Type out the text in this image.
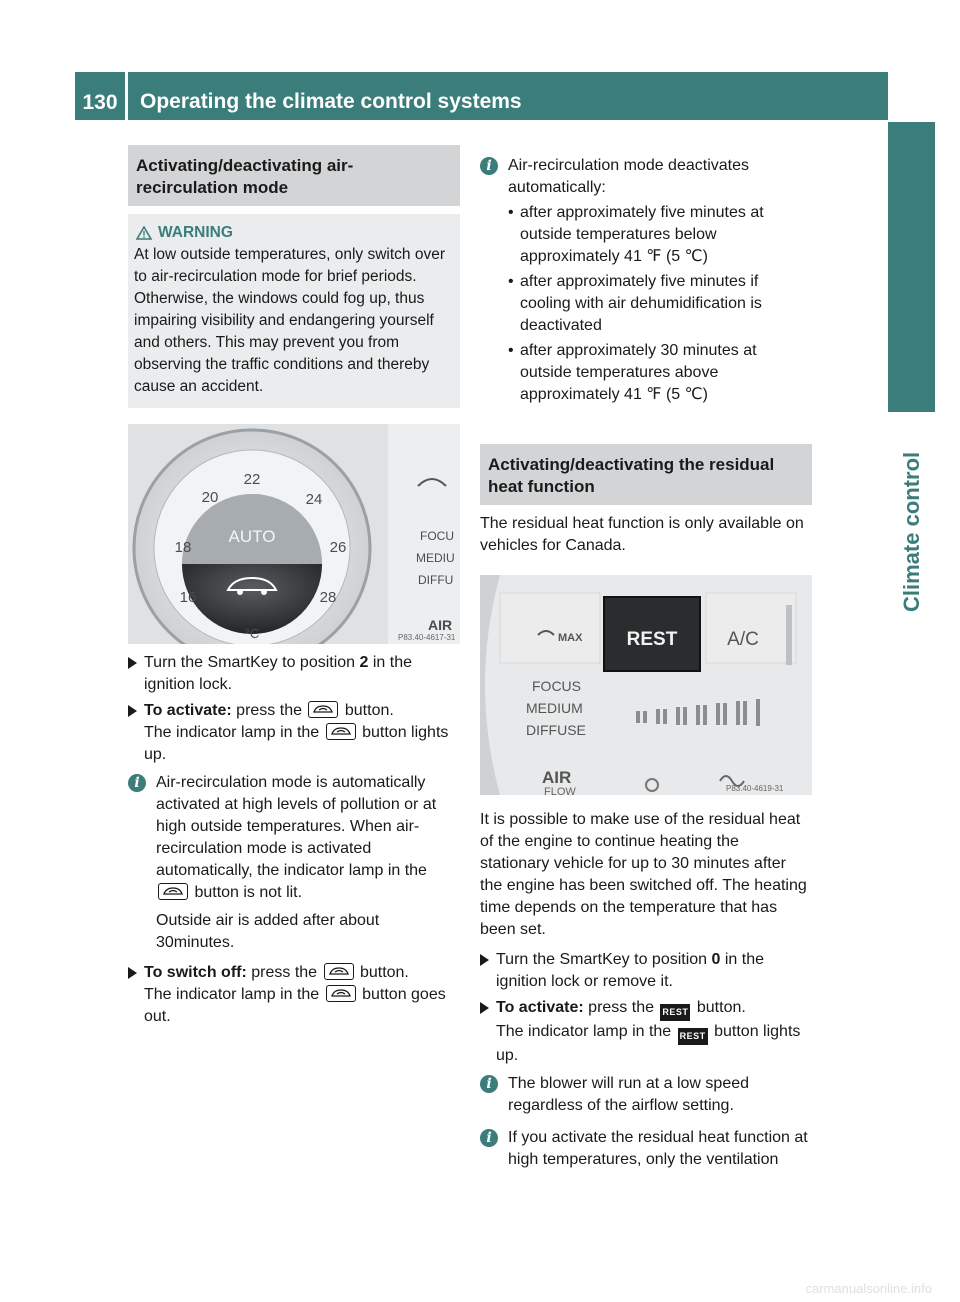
130	Operating the climate control systems
Climate control
Activating/deactivating air-recirculation mode
WARNING
At low outside temperatures, only switch over to air-recirculation mode for brief periods. Otherwise, the windows could fog up, thus impairing visibility and endangering yourself and others. This may prevent you from observing the traffic conditions and thereby cause an accident.
22
20	24
18	26
16	28
AUTO
°C
FOCU
MEDIU
DIFFU
AIR
P83.40-4617-31
Turn the SmartKey to position 2 in the ignition lock.
To activate: press the
button.
The indicator lamp in the
button lights up.
i	Air-recirculation mode is automatically activated at high levels of pollution or at high outside temperatures. When air-recirculation mode is activated automatically, the indicator lamp in the
button is not lit.
Outside air is added after about 30minutes.
To switch off: press the
button.
The indicator lamp in the
button goes out.
i	Air-recirculation mode deactivates automatically:
• after approximately five minutes at outside temperatures below approximately 41 ℉ (5 ℃)
• after approximately five minutes if cooling with air dehumidification is deactivated
• after approximately 30 minutes at outside temperatures above approximately 41 ℉ (5 ℃)
Activating/deactivating the residual heat function
The residual heat function is only available on vehicles for Canada.
MAX REST	A/C
FOCUS
MEDIUM
DIFFUSE
AIR
FLOW	P83.40-4619-31
It is possible to make use of the residual heat of the engine to continue heating the stationary vehicle for up to 30 minutes after the engine has been switched off. The heating time depends on the temperature that has been set.
Turn the SmartKey to position 0 in the ignition lock or remove it.
To activate: press the REST button.
The indicator lamp in the REST button lights up.
i	The blower will run at a low speed regardless of the airflow setting.
i	If you activate the residual heat function at high temperatures, only the ventilation
carmanualsonline.info
